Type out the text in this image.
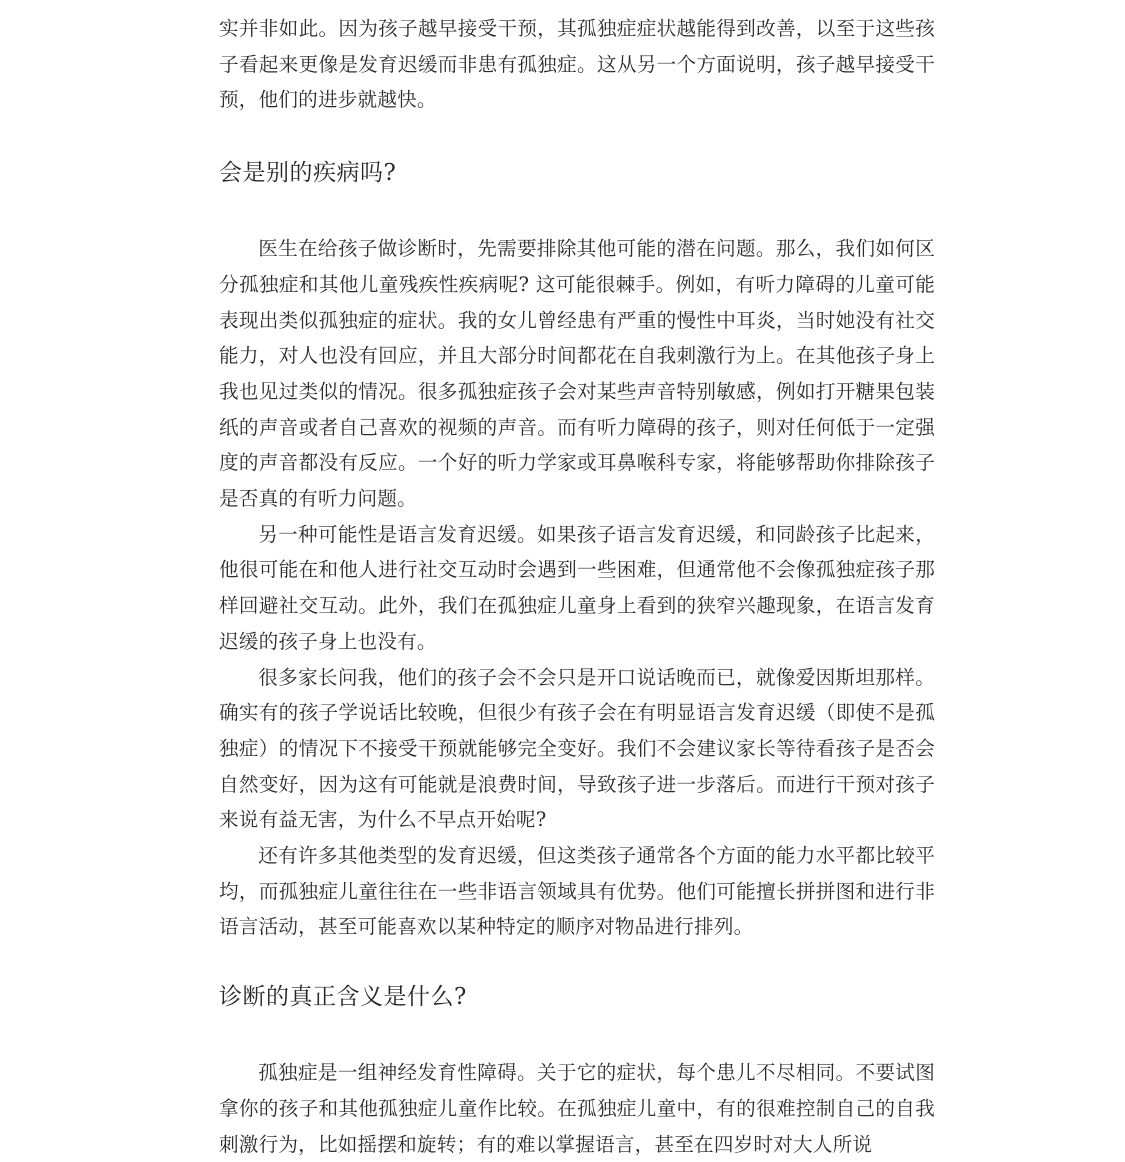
实并非如此。因为孩子越早接受干预，其孤独症症状越能得到改善，以至于这些孩子看起来更像是发育迟缓而非患有孤独症。这从另一个方面说明，孩子越早接受干预，他们的进步就越快。

会是别的疾病吗?

医生在给孩子做诊断时，先需要排除其他可能的潜在问题。那么，我们如何区分孤独症和其他儿童残疾性疾病呢? 这可能很棘手。例如，有听力障碍的儿童可能表现出类似孤独症的症状。我的女儿曾经患有严重的慢性中耳炎，当时她没有社交能力，对人也没有回应，并且大部分时间都花在自我刺激行为上。在其他孩子身上我也见过类似的情况。很多孤独症孩子会对某些声音特别敏感，例如打开糖果包装纸的声音或者自己喜欢的视频的声音。而有听力障碍的孩子，则对任何低于一定强度的声音都没有反应。一个好的听力学家或耳鼻喉科专家，将能够帮助你排除孩子是否真的有听力问题。

另一种可能性是语言发育迟缓。如果孩子语言发育迟缓，和同龄孩子比起来，他很可能在和他人进行社交互动时会遇到一些困难，但通常他不会像孤独症孩子那样回避社交互动。此外，我们在孤独症儿童身上看到的狭窄兴趣现象，在语言发育迟缓的孩子身上也没有。

很多家长问我，他们的孩子会不会只是开口说话晚而已，就像爱因斯坦那样。确实有的孩子学说话比较晚，但很少有孩子会在有明显语言发育迟缓（即使不是孤独症）的情况下不接受干预就能够完全变好。我们不会建议家长等待看孩子是否会自然变好，因为这有可能就是浪费时间，导致孩子进一步落后。而进行干预对孩子来说有益无害，为什么不早点开始呢?

还有许多其他类型的发育迟缓，但这类孩子通常各个方面的能力水平都比较平均，而孤独症儿童往往在一些非语言领域具有优势。他们可能擅长拼拼图和进行非语言活动，甚至可能喜欢以某种特定的顺序对物品进行排列。

诊断的真正含义是什么?

孤独症是一组神经发育性障碍。关于它的症状，每个患儿不尽相同。不要试图拿你的孩子和其他孤独症儿童作比较。在孤独症儿童中，有的很难控制自己的自我刺激行为，比如摇摆和旋转；有的难以掌握语言，甚至在四岁时对大人所说
